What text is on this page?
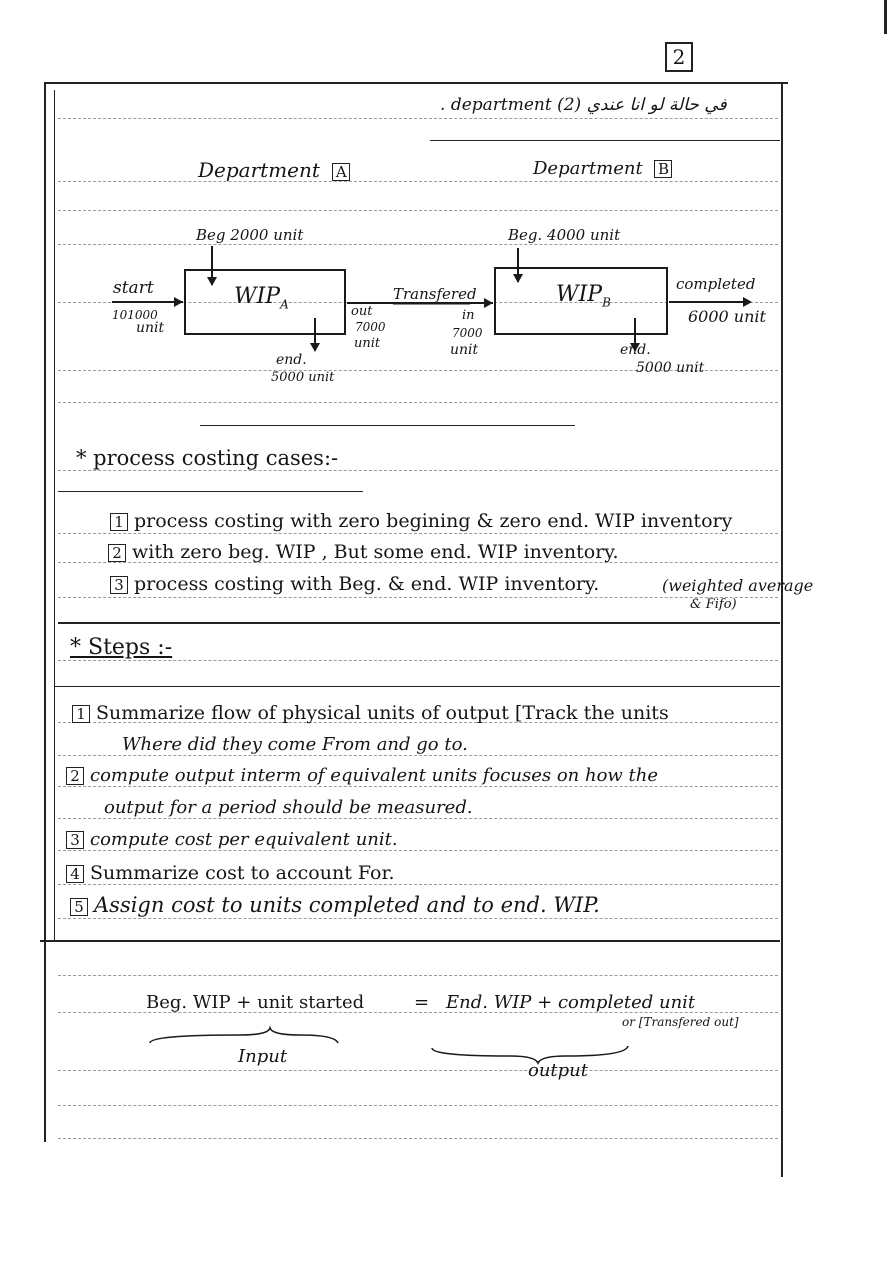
2
في حالة لو انا عندي department (2) .
Department A	Department B
Beg 2000 unit	Beg. 4000 unit
start
101000
unit
$WIP_A$	$WIP_B$
out
7000
unit
Transfered
in
7000
unit
end.
5000 unit
completed
6000 unit
end.
5000 unit
* process costing cases:-
1 process costing with zero begining & zero end. WIP inventory
2 with zero beg. WIP , But some end. WIP inventory.
3 process costing with Beg. & end. WIP inventory.	(weighted average
& Fifo)
* Steps :-
1 Summarize flow of physical units of output [Track the units
Where did they come From and go to.
2 compute output interm of equivalent units focuses on how the
output for a period should be measured.
3 compute cost per equivalent unit.
4 Summarize cost to account For.
5 Assign cost to units completed and to end. WIP.
Beg. WIP + unit started	= End. WIP + completed unit
or [Transfered out]
Input
output
